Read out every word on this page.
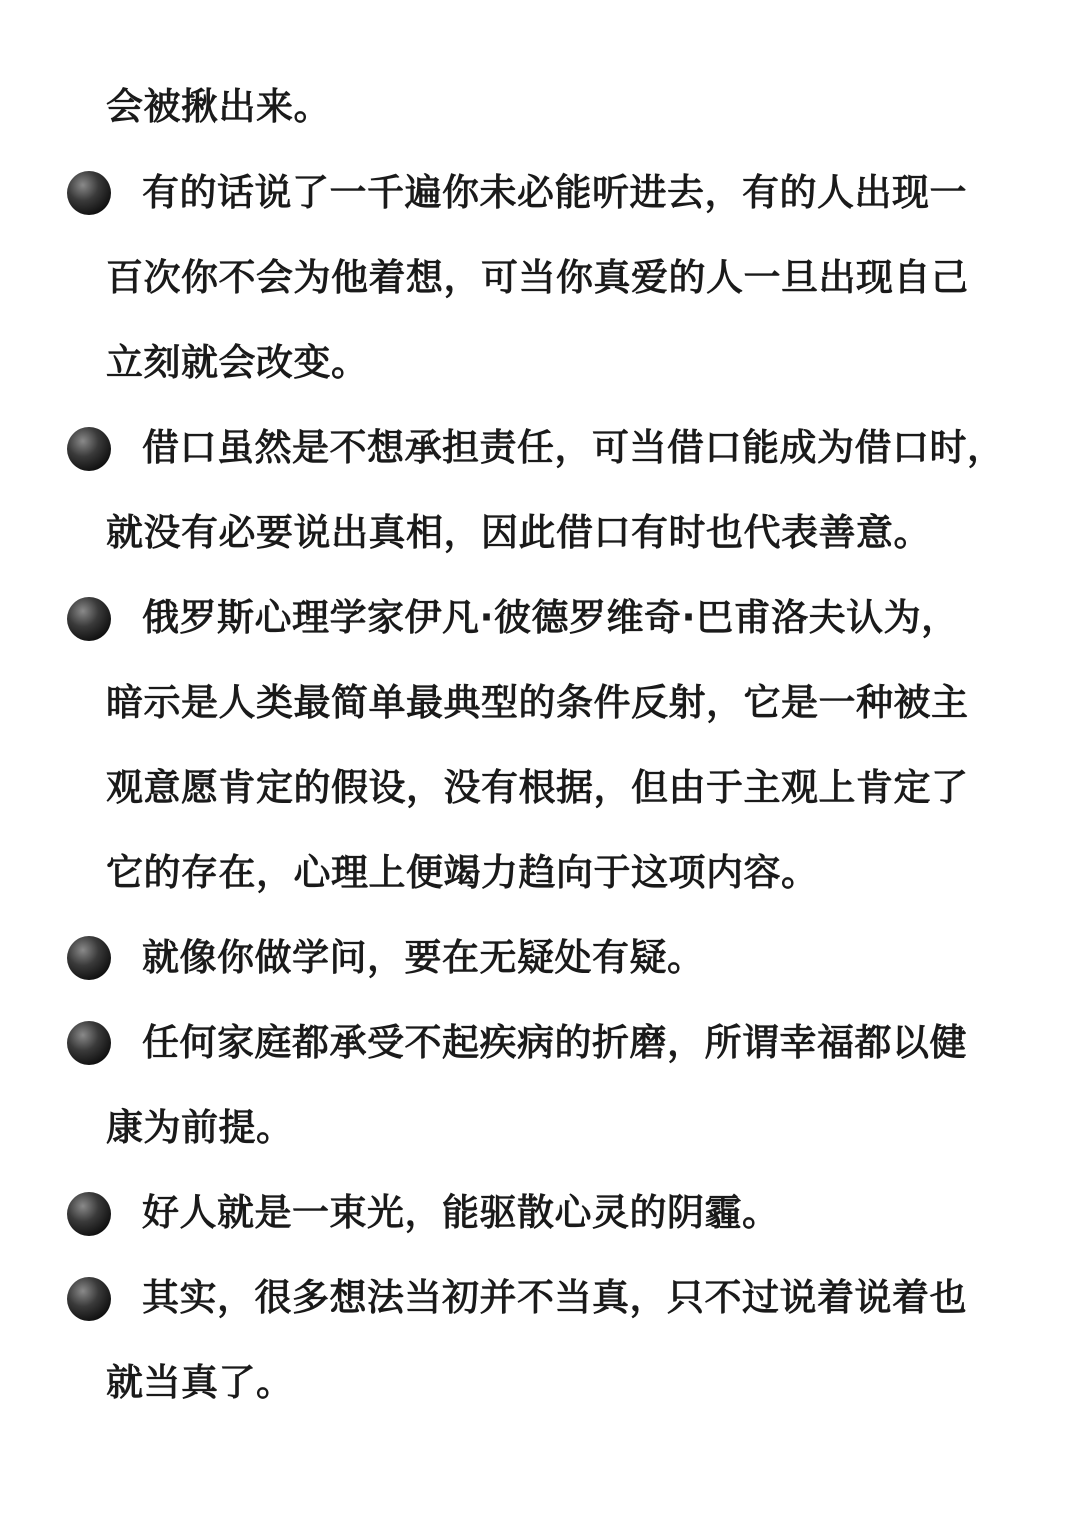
会被揪出来。
有的话说了一千遍你未必能听进去，有的人出现一
百次你不会为他着想，可当你真爱的人一旦出现自己
立刻就会改变。
借口虽然是不想承担责任，可当借口能成为借口时，
就没有必要说出真相，因此借口有时也代表善意。
俄罗斯心理学家伊凡·彼德罗维奇·巴甫洛夫认为，
暗示是人类最简单最典型的条件反射，它是一种被主
观意愿肯定的假设，没有根据，但由于主观上肯定了
它的存在，心理上便竭力趋向于这项内容。
就像你做学问，要在无疑处有疑。
任何家庭都承受不起疾病的折磨，所谓幸福都以健
康为前提。
好人就是一束光，能驱散心灵的阴霾。
其实，很多想法当初并不当真，只不过说着说着也
就当真了。
